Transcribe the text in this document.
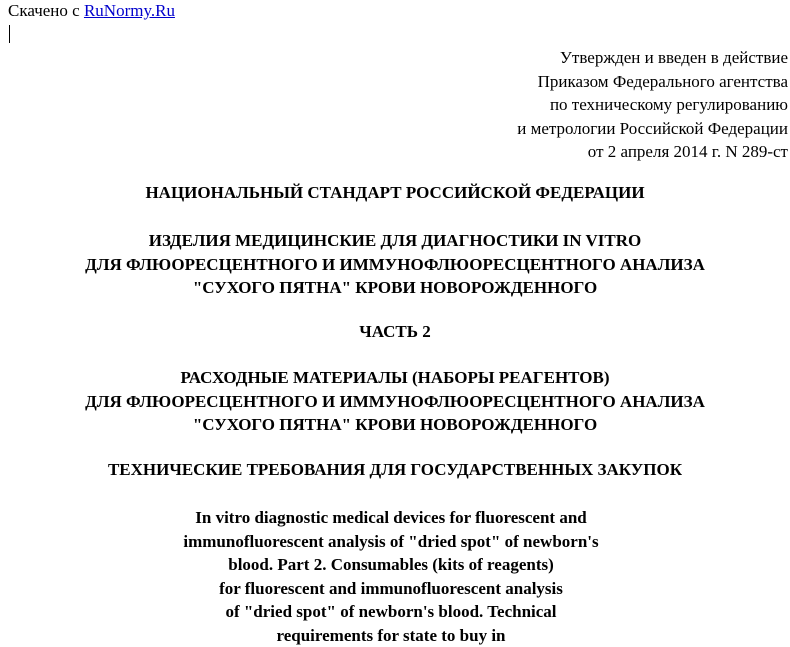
Скачено с RuNormy.Ru
Утвержден и введен в действие
Приказом Федерального агентства
по техническому регулированию
и метрологии Российской Федерации
от 2 апреля 2014 г. N 289-ст
НАЦИОНАЛЬНЫЙ СТАНДАРТ РОССИЙСКОЙ ФЕДЕРАЦИИ
ИЗДЕЛИЯ МЕДИЦИНСКИЕ ДЛЯ ДИАГНОСТИКИ IN VITRO
ДЛЯ ФЛЮОРЕСЦЕНТНОГО И ИММУНОФЛЮОРЕСЦЕНТНОГО АНАЛИЗА
"СУХОГО ПЯТНА" КРОВИ НОВОРОЖДЕННОГО
ЧАСТЬ 2
РАСХОДНЫЕ МАТЕРИАЛЫ (НАБОРЫ РЕАГЕНТОВ)
ДЛЯ ФЛЮОРЕСЦЕНТНОГО И ИММУНОФЛЮОРЕСЦЕНТНОГО АНАЛИЗА
"СУХОГО ПЯТНА" КРОВИ НОВОРОЖДЕННОГО
ТЕХНИЧЕСКИЕ ТРЕБОВАНИЯ ДЛЯ ГОСУДАРСТВЕННЫХ ЗАКУПОК
In vitro diagnostic medical devices for fluorescent and
immunofluorescent analysis of "dried spot" of newborn's
blood. Part 2. Consumables (kits of reagents)
for fluorescent and immunofluorescent analysis
of "dried spot" of newborn's blood. Technical
requirements for state to buy in
